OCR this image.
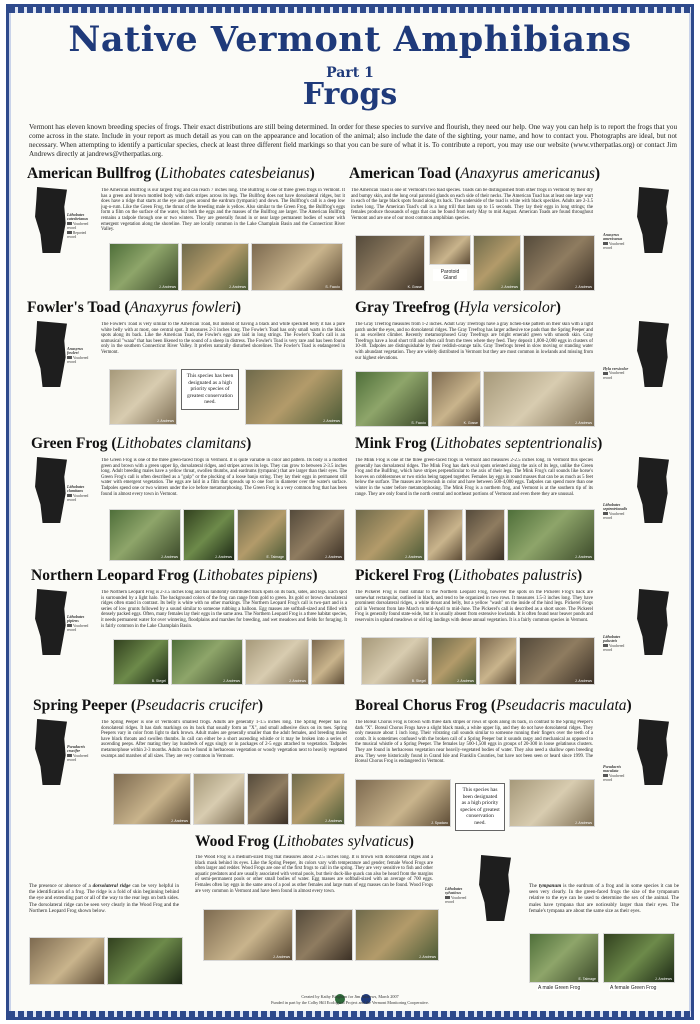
Native Vermont Amphibians
Part 1
Frogs
Vermont has eleven known breeding species of frogs. Their exact distributions are still being determined. In order for these species to survive and flourish, they need our help. One way you can help is to report the frogs that you come across in the state. Include in your report as much detail as you can on the appearance and location of the animal; also include the date of the sighting, your name, and how to contact you. Photographs are ideal, but not necessary. When attempting to identify a particular species, check at least three different field markings so that you can be sure of what it is. To contribute a report, you may use our website (www.vtherpatlas.org) or contact Jim Andrews directly at jandrews@vtherpatlas.org.
American Bullfrog (Lithobates catesbeianus)
Lithobates catesbeianus
Vouchered record
Reported record
The American Bullfrog is our largest frog and can reach 7 inches long. The Bullfrog is one of three green frogs in Vermont. It has a green and brown mottled body with dark stripes across its legs. The Bullfrog does not have dorsolateral ridges, but it does have a ridge that starts at the eye and goes around the eardrum (tympanic) and down. The Bullfrog's call is a deep low jug-o-rum. Like the Green Frog, the throat of the breeding male is yellow. Also similar to the Green Frog, the Bullfrog's eggs form a film on the surface of the water, but both the eggs and the masses of the Bullfrog are larger. The American Bullfrog remains a tadpole through one or two winters. They are generally found in or near large permanent bodies of water with emergent vegetation along the shoreline. They are locally common in the Lake Champlain Basin and the Connecticut River Valley.
J. Andrews	J. Andrews	S. Faccio
American Toad (Anaxyrus americanus)
The American Toad is one of Vermont's two toad species. Toads can be distinguished from other frogs in Vermont by their dry and bumpy skin, and the long oval parotoid glands on each side of their necks. The American Toad has at least one large wart in each of the large black spots found along its back. The underside of the toad is white with black speckles. Adults are 2-3.5 inches long. The American Toad's call is a long trill that lasts up to 15 seconds. They lay their eggs in long strings; the females produce thousands of eggs that can be found from early May to mid August. American Toads are found throughout Vermont and are one of our most common amphibian species.
Anaxyrus americanus
Vouchered record
K. Gosse
Parotoid Gland
J. Andrews	J. Andrews
Fowler's Toad (Anaxyrus fowleri)
Anaxyrus fowleri
Vouchered record
The Fowler's Toad is very similar to the American Toad, but instead of having a black and white speckled belly it has a pure white belly with at most, one central spot. It measures 2-3 inches long. The Fowler's Toad has only small warts in the black spots along its back. Like the American Toad, the Fowler's eggs are laid in long strings. The Fowler's Toad's call is an unmusical "waaa" that has been likened to the sound of a sheep in distress. The Fowler's Toad is very rare and has been found only in the southern Connecticut River Valley. It prefers naturally disturbed shorelines. The Fowler's Toad is endangered in Vermont.
This species has been designated as a high priority species of greatest conservation need.
J. Andrews	J. Andrews
Gray Treefrog (Hyla versicolor)
The Gray Treefrog measures from 1-2 inches. Adult Gray Treefrogs have a gray lichen-like pattern on their skin with a light patch under the eyes, and no dorsolateral ridges. The Gray Treefrog has larger adhesive toe pads than the Spring Peeper and is an excellent climber. Recently metamorphosed Gray Treefrogs are bright emerald green with smooth skin. Gray Treefrogs have a loud short trill and often call from the trees where they feed. They deposit 1,000-2,000 eggs in clusters of 10-40. Tadpoles are distinguishable by their reddish-orange tails. Gray Treefrogs breed in slow moving or standing water with abundant vegetation. They are widely distributed in Vermont but they are most common in lowlands and missing from our highest elevations.
Hyla versicolor
Vouchered record
S. Faccio	K. Gosse	J. Andrews
Green Frog (Lithobates clamitans)
Lithobates clamitans
Vouchered record
The Green Frog is one of the three green-faced frogs in Vermont. It is quite variable in color and pattern. Its body is a mottled green and brown with a green upper lip, dorsolateral ridges, and stripes across its legs. They can grow to between 2-3.5 inches long. Adult breeding males have a yellow throat, swollen thumbs, and eardrums (tympanic) that are larger than their eyes. The Green Frog's call is often described as a "gulp" or the plucking of a loose banjo string. They lay their eggs in permanent still water with emergent vegetation. The eggs are laid in a film that spreads up to one foot in diameter over the water's surface. Tadpoles spend one or two winters under the ice before metamorphosing. The Green Frog is a very common frog that has been found in almost every town in Vermont.
J. Andrews	J. Andrews	E. Talmage	J. Andrews
Mink Frog (Lithobates septentrionalis)
The Mink Frog is one of the three green-faced frogs in Vermont and measures 2-2.5 inches long. In Vermont this species generally has dorsolateral ridges. The Mink Frog has dark oval spots oriented along the axis of its legs, unlike the Green Frog and the Bullfrog, which have stripes perpendicular to the axis of their legs. The Mink Frog's call sounds like horse's hooves on cobblestones or two sticks being tapped together. Females lay eggs in round masses that can be as much as 5 feet below the surface. The masses are brownish in color and have between 500-4,000 eggs. Tadpoles can spend more than one winter in the water before metamorphosing. The Mink Frog is a northern frog, and Vermont is at the southern tip of its range. They are only found in the north central and northeast portions of Vermont and even there they are unusual.
Lithobates septentrionalis
Vouchered record
J. Andrews	J. Andrews
Northern Leopard Frog (Lithobates pipiens)
Lithobates pipiens
Vouchered record
The Northern Leopard Frog is 2-3.5 inches long and has randomly distributed black spots on its back, sides, and legs. Each spot is surrounded by a light halo. The background colors of the frog can range from gold to green. Its gold or brown dorsolateral ridges often stand in contrast. Its belly is white with no other markings. The Northern Leopard Frog's call is two-part and is a series of low grunts followed by a sound similar to someone rubbing a balloon. Egg masses are softball-sized and filled with densely packed eggs. Often, many females lay their eggs in the same area. The Northern Leopard Frog is a three habitat species, it needs permanent water for over wintering, floodplains and marshes for breeding, and wet meadows and fields for foraging. It is fairly common in the Lake Champlain Basin.
B. Stegel	J. Andrews	J. Andrews
Pickerel Frog (Lithobates palustris)
The Pickerel Frog is most similar to the Northern Leopard Frog, however the spots on the Pickerel Frog's back are somewhat rectangular, outlined in black, and tend to be organized in two rows. It measures 1.5-3 inches long. They have prominent dorsolateral ridges, a white throat and belly, but a yellow "wash" on the inside of the hind legs. Pickerel Frogs call in Vermont from late March to mid-April to mid-June. The Pickerel's call is described as a short snore. The Pickerel Frog is generally found state-wide, but it is usually absent from extensive lowlands. It is often found near beaver ponds and reservoirs in upland meadows or old log landings with dense annual vegetation. It is a fairly common species in Vermont.
Lithobates palustris
Vouchered record
B. Stegel	J. Andrews	J. Andrews
Spring Peeper (Pseudacris crucifer)
Pseudacris crucifer
Vouchered record
The Spring Peeper is one of Vermont's smallest frogs. Adults are generally 1-1.5 inches long. The Spring Peeper has no dorsolateral ridges. It has dark markings on its back that usually form an "X", and small adhesive discs on its toes. Spring Peepers vary in color from light to dark brown. Adult males are generally smaller than the adult females, and breeding males have black throats and swollen thumbs. In call can either be a short ascending whistle or it may be broken into a series of ascending peeps. After mating they lay hundreds of eggs singly or in packages of 2-5 eggs attached to vegetation. Tadpoles metamorphose within 2-3 months. Adults can be found in herbaceous vegetation or woody vegetation next to heavily vegetated swamps and marshes of all sizes. They are very common in Vermont.
J. Andrews	J. Andrews
Boreal Chorus Frog (Pseudacris maculata)
The Boreal Chorus Frog is brown with three dark stripes or rows of spots along its back, in contrast to the Spring Peeper's dark "X". Boreal Chorus Frogs have a slight black mask, a white upper lip, and they do not have dorsolateral ridges. They only measure about 1 inch long. Their vibrating call sounds similar to someone running their fingers over the teeth of a comb. It is sometimes confused with the broken call of a Spring Peeper but it sounds raspy and mechanical as opposed to the musical whistle of a Spring Peeper. The females lay 500-1,500 eggs in groups of 20-300 in loose gelatinous clusters. They are found in herbaceous vegetation near heavily-vegetated bodies of water. They also need a shallow open breeding area. They were historically found in Grand Isle and Franklin Counties, but have not been seen or heard since 1999. The Boreal Chorus Frog is endangered in Vermont.
Pseudacris maculata
Vouchered record
J. Spadaro
This species has been designated as a high priority species of greatest conservation need.	J. Andrews
Wood Frog (Lithobates sylvaticus)
The Wood Frog is a medium-sized frog that measures about 2-2.5 inches long. It is brown with dorsolateral ridges and a black mask behind its eyes. Like the Spring Peeper, its colors vary with temperature and gender; female Wood Frogs are often larger and redder. Wood Frogs are one of the first frogs to call in the spring. They are very sensitive to fish and other aquatic predators and are usually associated with vernal pools, but their duck-like quack can also be heard from the margins of semi-permanent pools or other small bodies of water. Egg masses are softball-sized with an average of 700 eggs. Females often lay eggs in the same area of a pool as other females and large mats of egg masses can be found. Wood Frogs are very common in Vermont and have been found in almost every town.
Lithobates sylvaticus
Vouchered record
J. Andrews	J. Andrews
The presence or absence of a dorsolateral ridge can be very helpful in the identification of a frog. The ridge is a fold of skin beginning behind the eye and extending part or all of the way to the rear legs on both sides. The dorsolateral ridge can be seen very clearly in the Wood Frog and the Northern Leopard Frog shown below.
The tympanum is the eardrum of a frog and in some species it can be seen very clearly. In the green-faced frogs the size of the tympanum relative to the eye can be used to determine the sex of the animal. The males have tympana that are noticeably larger than their eyes. The female's tympana are about the same size as their eyes.
E. Talmage	J. Andrews
A male Green Frog	A female Green Frog
Created by Kathy Bingham for Jim Andrews, March 2007
Funded in part by the Colby Hill Ecological Project and the Vermont Monitoring Cooperative.
